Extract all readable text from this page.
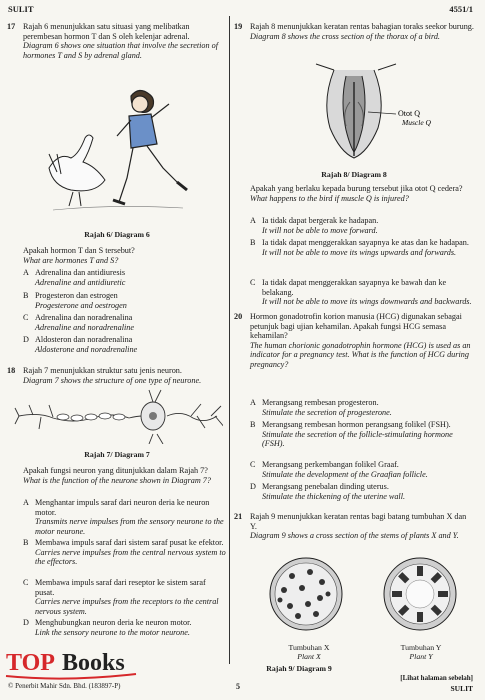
SULIT	4551/1
17 Rajah 6 menunjukkan satu situasi yang melibatkan perembesan hormon T dan S oleh kelenjar adrenal.
Diagram 6 shows one situation that involve the secretion of hormones T and S by adrenal gland.
Rajah 6/ Diagram 6
Apakah hormon T dan S tersebut?
What are hormones T and S?
A Adrenalina dan antidiuresis
Adrenaline and antidiuretic
B Progesteron dan estrogen
Progesterone and oestrogen
C Adrenalina dan noradrenalina
Adrenaline and noradrenaline
D Aldosteron dan noradrenalina
Aldosterone and noradrenaline
18 Rajah 7 menunjukkan struktur satu jenis neuron.
Diagram 7 shows the structure of one type of neurone.
Rajah 7/ Diagram 7
Apakah fungsi neuron yang ditunjukkan dalam Rajah 7?
What is the function of the neurone shown in Diagram 7?
A Menghantar impuls saraf dari neuron deria ke neuron motor.
Transmits nerve impulses from the sensory neurone to the motor neurone.
B Membawa impuls saraf dari sistem saraf pusat ke efektor.
Carries nerve impulses from the central nervous system to the effectors.
C Membawa impuls saraf dari reseptor ke sistem saraf pusat.
Carries nerve impulses from the receptors to the central nervous system.
D Menghubungkan neuron deria ke neuron motor.
Link the sensory neurone to the motor neurone.
19 Rajah 8 menunjukkan keratan rentas bahagian toraks seekor burung.
Diagram 8 shows the cross section of the thorax of a bird.
Otot Q
Muscle Q
Rajah 8/ Diagram 8
Apakah yang berlaku kepada burung tersebut jika otot Q cedera?
What happens to the bird if muscle Q is injured?
A Ia tidak dapat bergerak ke hadapan.
It will not be able to move forward.
B Ia tidak dapat menggerakkan sayapnya ke atas dan ke hadapan.
It will not be able to move its wings upwards and forwards.
C Ia tidak dapat menggerakkan sayapnya ke bawah dan ke belakang.
It will not be able to move its wings downwards and backwards.
20 Hormon gonadotrofin korion manusia (HCG) digunakan sebagai petunjuk bagi ujian kehamilan. Apakah fungsi HCG semasa kehamilan?
The human chorionic gonadotrophin hormone (HCG) is used as an indicator for a pregnancy test. What is the function of HCG during pregnancy?
A Merangsang rembesan progesteron.
Stimulate the secretion of progesterone.
B Merangsang rembesan hormon perangsang folikel (FSH).
Stimulate the secretion of the follicle-stimulating hormone (FSH).
C Merangsang perkembangan folikel Graaf.
Stimulate the development of the Graafian follicle.
D Merangsang penebalan dinding uterus.
Stimulate the thickening of the uterine wall.
21 Rajah 9 menunjukkan keratan rentas bagi batang tumbuhan X dan Y.
Diagram 9 shows a cross section of the stems of plants X and Y.
Tumbuhan X
Plant X
Tumbuhan Y
Plant Y
Rajah 9/ Diagram 9
TOP Books
© Penerbit Mahir Sdn. Bhd. (183897-P)	5
[Lihat halaman sebelah]
SULIT
